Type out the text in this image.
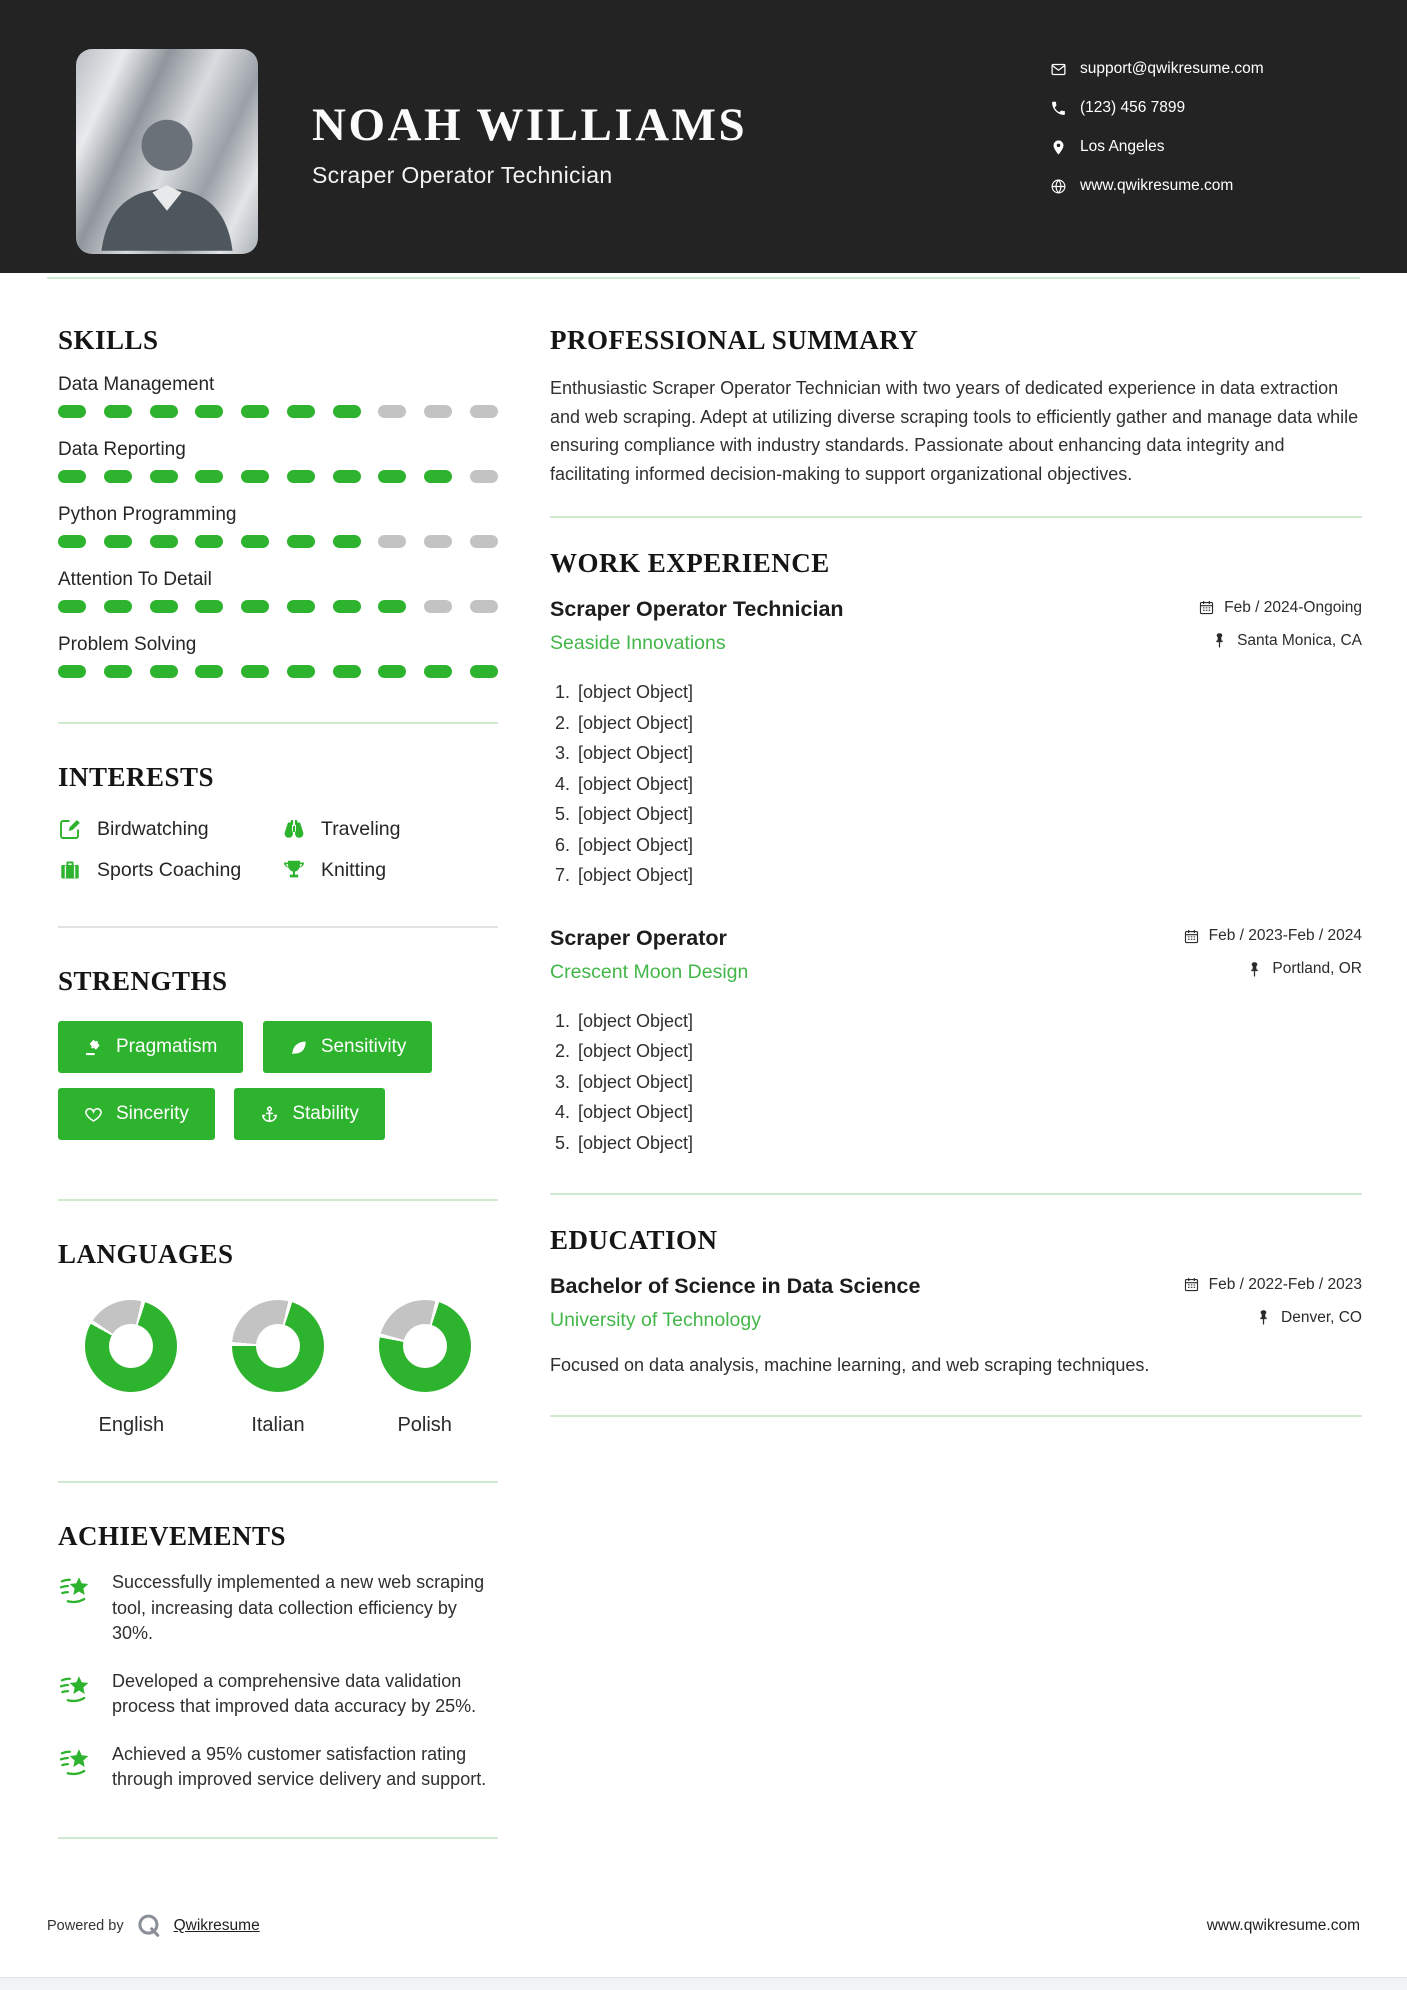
NOAH WILLIAMS
Scraper Operator Technician
support@qwikresume.com
(123) 456 7899
Los Angeles
www.qwikresume.com
SKILLS
Data Management
Data Reporting
Python Programming
Attention To Detail
Problem Solving
INTERESTS
Birdwatching	Traveling
Sports Coaching	Knitting
STRENGTHS
Pragmatism
	Sensitivity

Sincerity
	Stability
LANGUAGES
English	Italian	Polish
ACHIEVEMENTS
Successfully implemented a new web scraping tool, increasing data collection efficiency by 30%.
Developed a comprehensive data validation process that improved data accuracy by 25%.
Achieved a 95% customer satisfaction rating through improved service delivery and support.
PROFESSIONAL SUMMARY

Enthusiastic Scraper Operator Technician with two years of dedicated experience in data extraction and web scraping. Adept at utilizing diverse scraping tools to efficiently gather and manage data while ensuring compliance with industry standards. Passionate about enhancing data integrity and facilitating informed decision-making to support organizational objectives.

WORK EXPERIENCE
Scraper Operator Technician	Feb / 2024-Ongoing
Seaside Innovations	Santa Monica, CA
1. [object Object]
2. [object Object]
3. [object Object]
4. [object Object]
5. [object Object]
6. [object Object]
7. [object Object]
Scraper Operator	Feb / 2023-Feb / 2024
Crescent Moon Design	Portland, OR
1. [object Object]
2. [object Object]
3. [object Object]
4. [object Object]
5. [object Object]
EDUCATION
Bachelor of Science in Data Science	Feb / 2022-Feb / 2023
University of Technology	Denver, CO

Focused on data analysis, machine learning, and web scraping techniques.

Powered by	Qwikresume	www.qwikresume.com
